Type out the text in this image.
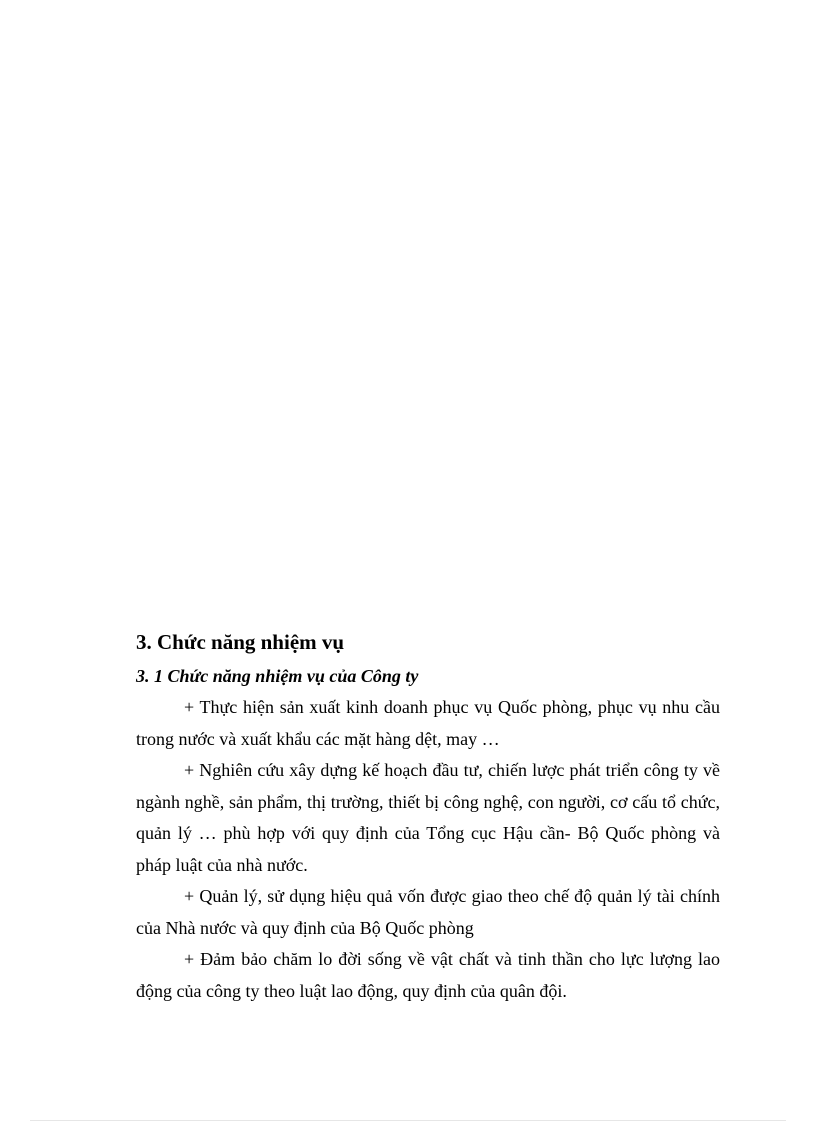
3. Chức năng nhiệm vụ
3. 1 Chức năng nhiệm vụ của Công ty

+ Thực hiện sản xuất kinh doanh phục vụ Quốc phòng, phục vụ nhu cầu trong nước và xuất khẩu các mặt hàng dệt, may …

+ Nghiên cứu xây dựng kế hoạch đầu tư, chiến lược phát triển công ty về ngành nghề, sản phẩm, thị trường, thiết bị công nghệ, con người, cơ cấu tổ chức, quản lý … phù hợp với quy định của Tổng cục Hậu cần- Bộ Quốc phòng và pháp luật của nhà nước.

+ Quản lý, sử dụng hiệu quả vốn được giao theo chế độ quản lý tài chính của Nhà nước và quy định của Bộ Quốc phòng

+ Đảm bảo chăm lo đời sống về vật chất và tinh thần cho lực lượng lao động của công ty theo luật lao động, quy định của quân đội.
